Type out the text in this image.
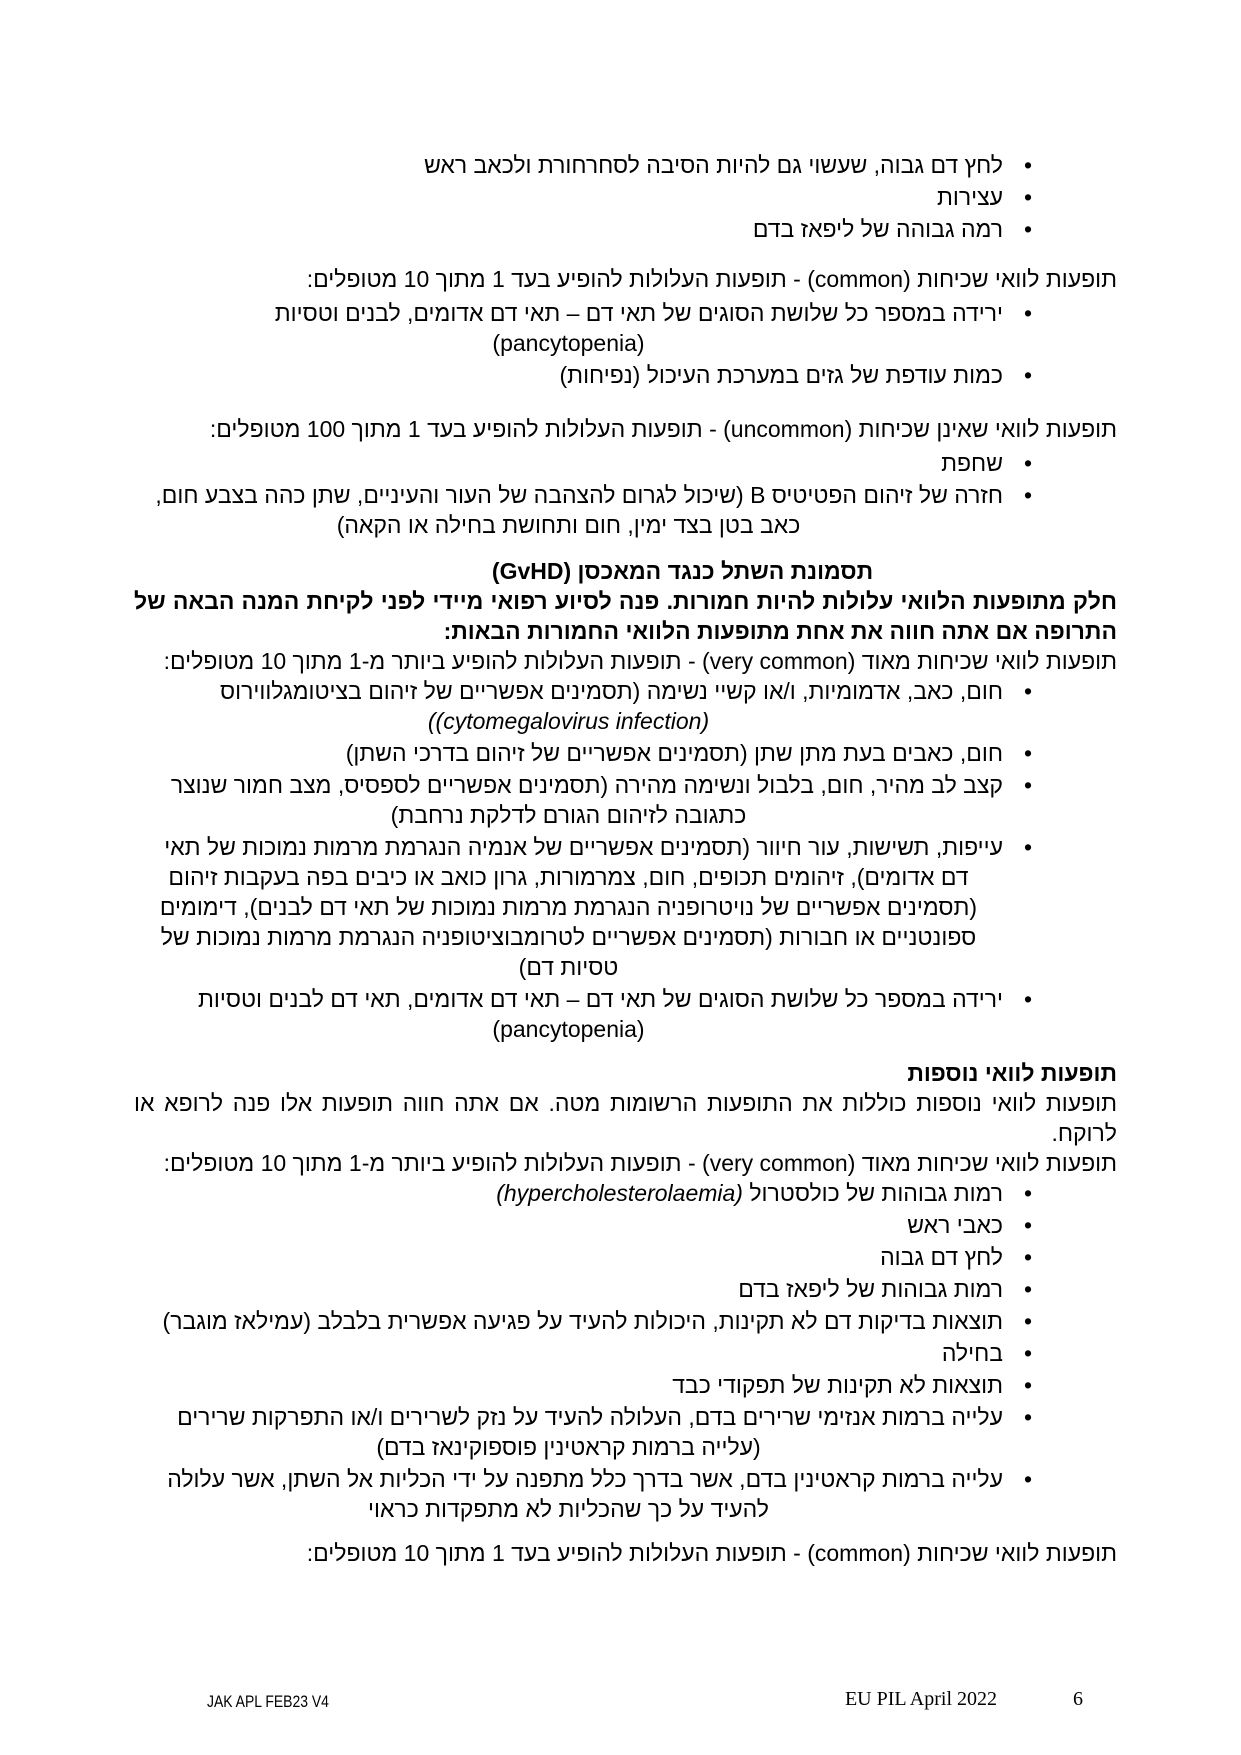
•
לחץ דם גבוה, שעשוי גם להיות הסיבה לסחרחורת ולכאב ראש
•
עצירות
•
רמה גבוהה של ליפאז בדם
תופעות לוואי שכיחות (common) - תופעות העלולות להופיע בעד 1 מתוך 10 מטופלים:
•
ירידה במספר כל שלושת הסוגים של תאי דם – תאי דם אדומים, לבנים וטסיות
(pancytopenia)
•
כמות עודפת של גזים במערכת העיכול (נפיחות)
תופעות לוואי שאינן שכיחות (uncommon) - תופעות העלולות להופיע בעד 1 מתוך 100 מטופלים:
•
שחפת
•
חזרה של זיהום הפטיטיס B (שיכול לגרום להצהבה של העור והעיניים, שתן כהה בצבע חום,
כאב בטן בצד ימין, חום ותחושת בחילה או הקאה)
תסמונת השתל כנגד המאכסן (GvHD)
חלק מתופעות הלוואי עלולות להיות חמורות. פנה לסיוע רפואי מיידי לפני לקיחת המנה הבאה של התרופה אם אתה חווה את אחת מתופעות הלוואי החמורות הבאות:
תופעות לוואי שכיחות מאוד (very common) - תופעות העלולות להופיע ביותר מ-1 מתוך 10 מטופלים:
•
חום, כאב, אדמומיות, ו/או קשיי נשימה (תסמינים אפשריים של זיהום בציטומגלווירוס
(cytomegalovirus infection))
•
חום, כאבים בעת מתן שתן (תסמינים אפשריים של זיהום בדרכי השתן)
•
קצב לב מהיר, חום, בלבול ונשימה מהירה (תסמינים אפשריים לספסיס, מצב חמור שנוצר
כתגובה לזיהום הגורם לדלקת נרחבת)
•
עייפות, תשישות, עור חיוור (תסמינים אפשריים של אנמיה הנגרמת מרמות נמוכות של תאי
דם אדומים), זיהומים תכופים, חום, צמרמורות, גרון כואב או כיבים בפה בעקבות זיהום
(תסמינים אפשריים של נויטרופניה הנגרמת מרמות נמוכות של תאי דם לבנים), דימומים
ספונטניים או חבורות (תסמינים אפשריים לטרומבוציטופניה הנגרמת מרמות נמוכות של
טסיות דם)
•
ירידה במספר כל שלושת הסוגים של תאי דם – תאי דם אדומים, תאי דם לבנים וטסיות
(pancytopenia)
תופעות לוואי נוספות
תופעות לוואי נוספות כוללות את התופעות הרשומות מטה. אם אתה חווה תופעות אלו פנה לרופא או לרוקח.
תופעות לוואי שכיחות מאוד (very common) - תופעות העלולות להופיע ביותר מ-1 מתוך 10 מטופלים:
•
רמות גבוהות של כולסטרול (hypercholesterolaemia)
•
כאבי ראש
•
לחץ דם גבוה
•
רמות גבוהות של ליפאז בדם
•
תוצאות בדיקות דם לא תקינות, היכולות להעיד על פגיעה אפשרית בלבלב (עמילאז מוגבר)
•
בחילה
•
תוצאות לא תקינות של תפקודי כבד
•
עלייה ברמות אנזימי שרירים בדם, העלולה להעיד על נזק לשרירים ו/או התפרקות שרירים
(עלייה ברמות קראטינין פוספוקינאז בדם)
•
עלייה ברמות קראטינין בדם, אשר בדרך כלל מתפנה על ידי הכליות אל השתן, אשר עלולה
להעיד על כך שהכליות לא מתפקדות כראוי
תופעות לוואי שכיחות (common) - תופעות העלולות להופיע בעד 1 מתוך 10 מטופלים:
JAK APL FEB23 V4	EU PIL April 2022	6
